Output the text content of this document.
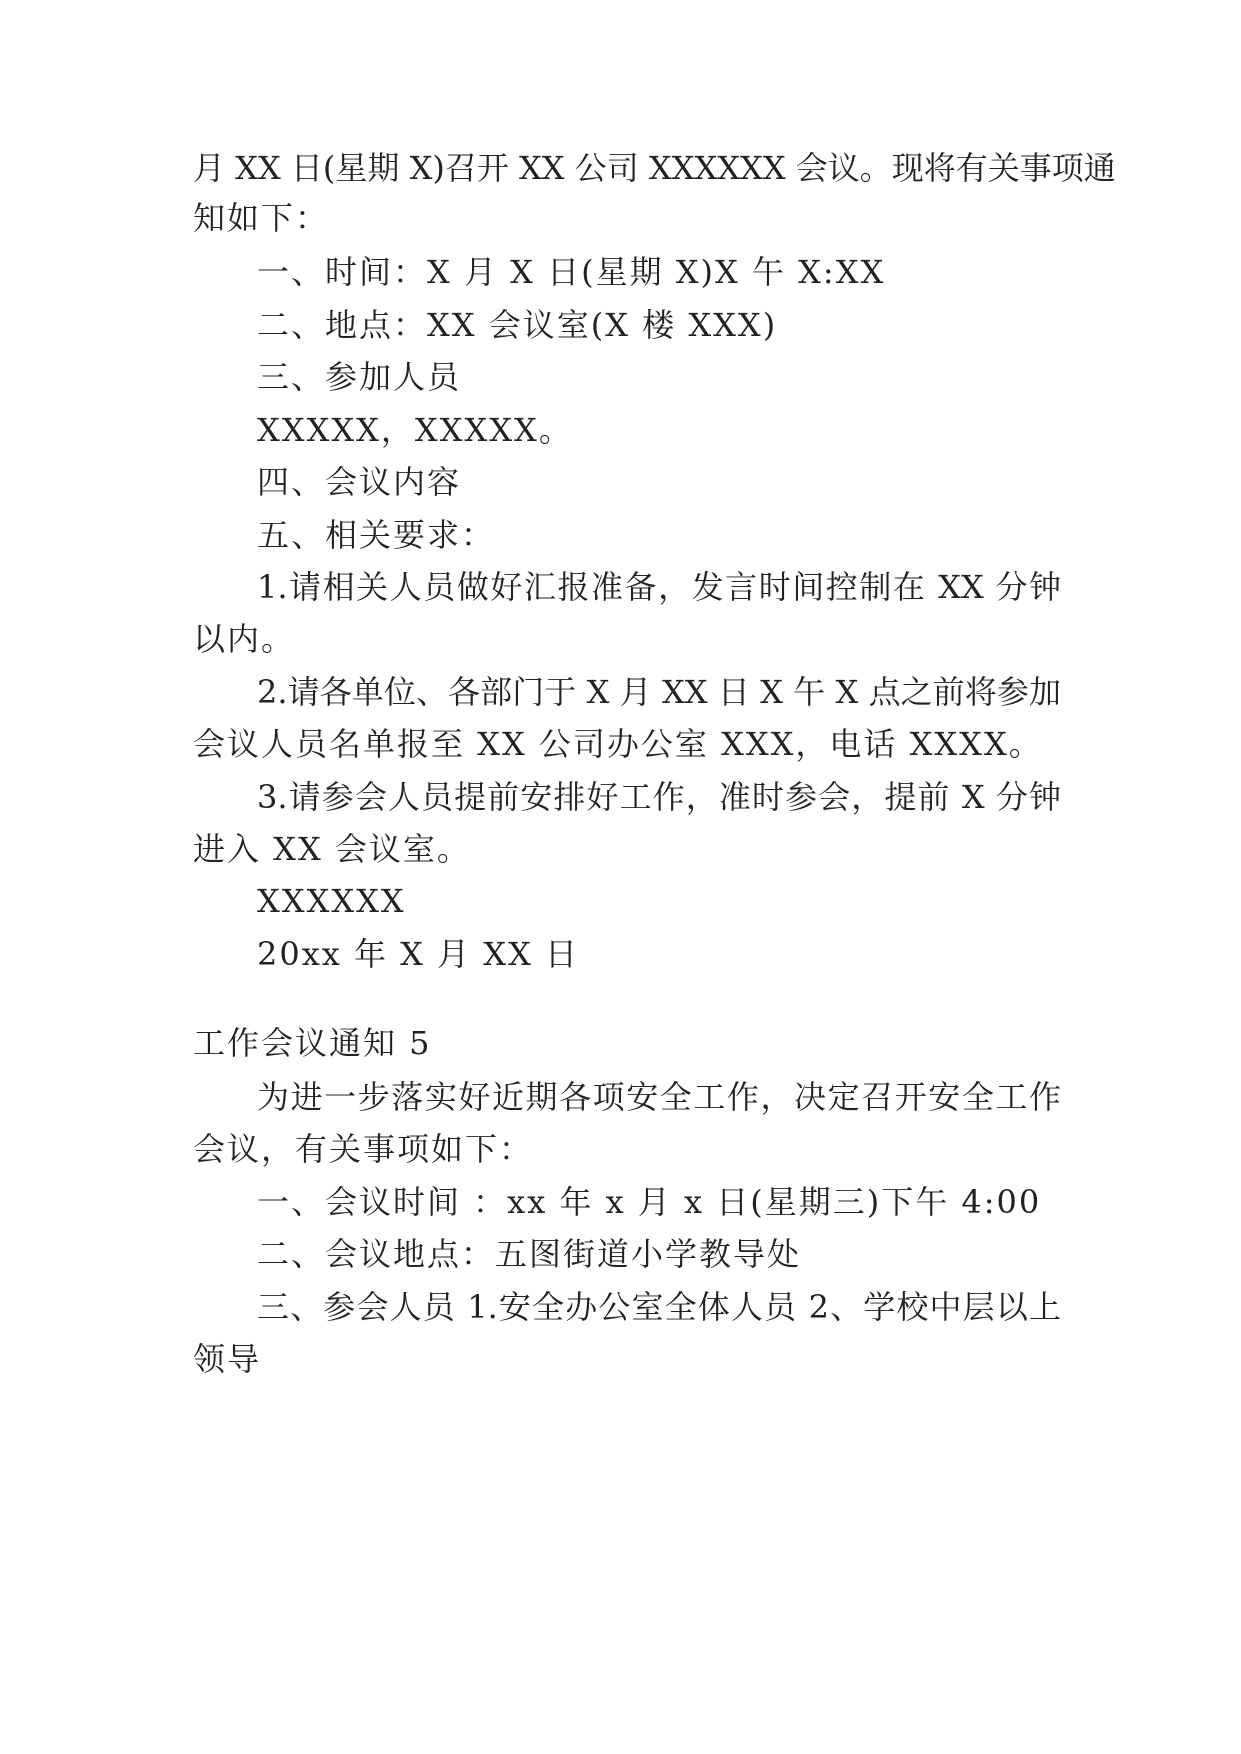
月 XX 日(星期 X)召开 XX 公司 XXXXXX 会议。现将有关事项通
知如下：
一、时间：X 月 X 日(星期 X)X 午 X:XX
二、地点：XX 会议室(X 楼 XXX)
三、参加人员
XXXXX，XXXXX。
四、会议内容
五、相关要求：
1.请相关人员做好汇报准备，发言时间控制在 XX 分钟
以内。
2.请各单位、各部门于 X 月 XX 日 X 午 X 点之前将参加
会议人员名单报至 XX 公司办公室 XXX，电话 XXXX。
3.请参会人员提前安排好工作，准时参会，提前 X 分钟
进入 XX 会议室。
XXXXXX
20xx 年 X 月 XX 日
工作会议通知 5
为进一步落实好近期各项安全工作，决定召开安全工作
会议，有关事项如下：
一、会议时间 ：xx 年 x 月 x 日(星期三)下午 4:00
二、会议地点：五图街道小学教导处
三、参会人员 1.安全办公室全体人员 2、学校中层以上
领导
